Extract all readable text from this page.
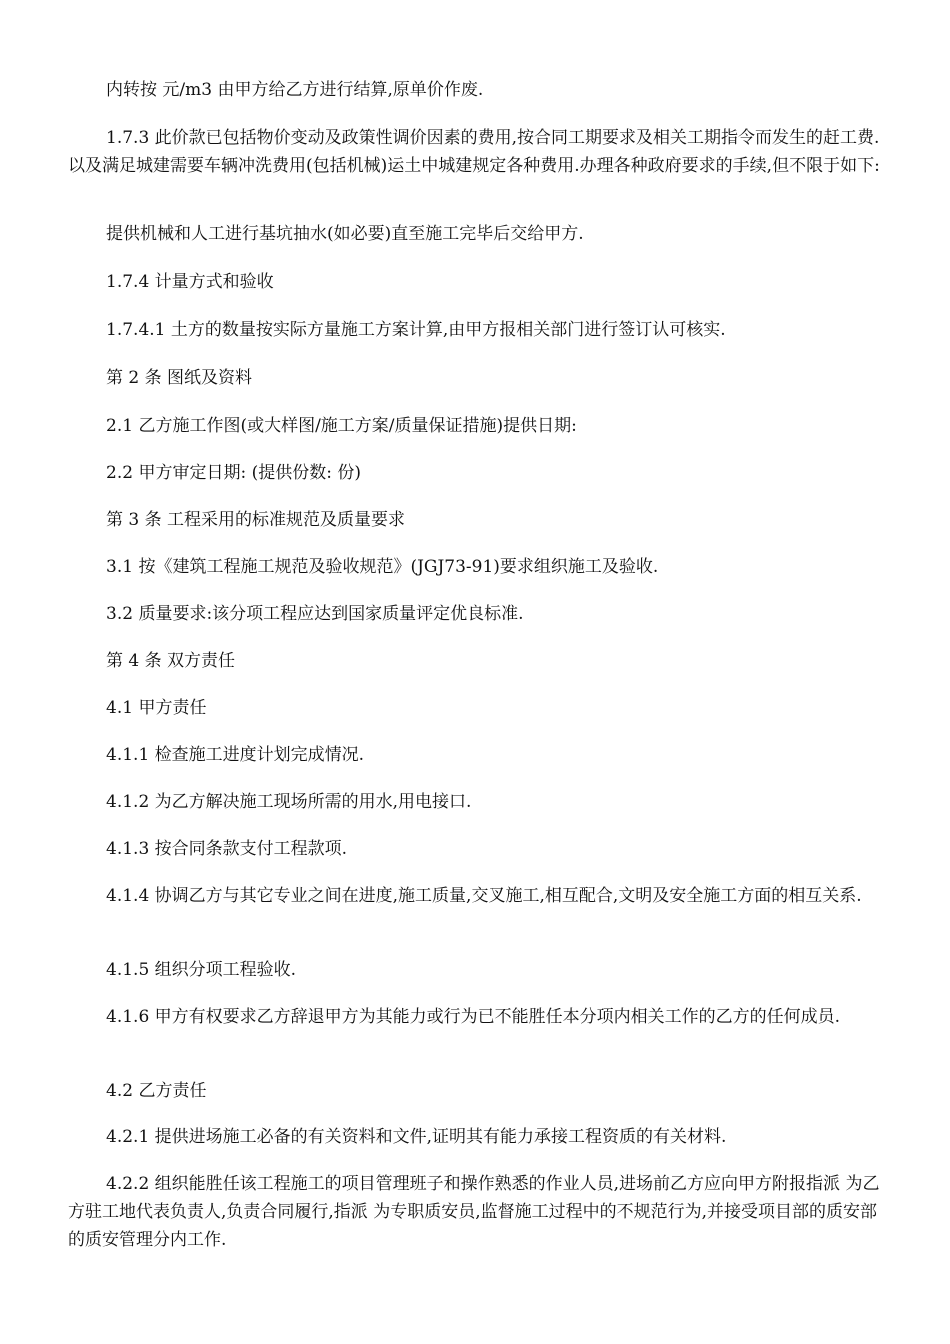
内转按 元/m3 由甲方给乙方进行结算,原单价作废.

1.7.3 此价款已包括物价变动及政策性调价因素的费用,按合同工期要求及相关工期指令而发生的赶工费.以及满足城建需要车辆冲洗费用(包括机械)运土中城建规定各种费用.办理各种政府要求的手续,但不限于如下:

提供机械和人工进行基坑抽水(如必要)直至施工完毕后交给甲方.

1.7.4 计量方式和验收

1.7.4.1 土方的数量按实际方量施工方案计算,由甲方报相关部门进行签订认可核实.

第 2 条 图纸及资料

2.1 乙方施工作图(或大样图/施工方案/质量保证措施)提供日期:

2.2 甲方审定日期: (提供份数: 份)

第 3 条 工程采用的标准规范及质量要求

3.1 按《建筑工程施工规范及验收规范》(JGJ73-91)要求组织施工及验收.

3.2 质量要求:该分项工程应达到国家质量评定优良标准.

第 4 条 双方责任

4.1 甲方责任

4.1.1 检查施工进度计划完成情况.

4.1.2 为乙方解决施工现场所需的用水,用电接口.

4.1.3 按合同条款支付工程款项.

4.1.4 协调乙方与其它专业之间在进度,施工质量,交叉施工,相互配合,文明及安全施工方面的相互关系.

4.1.5 组织分项工程验收.

4.1.6 甲方有权要求乙方辞退甲方为其能力或行为已不能胜任本分项内相关工作的乙方的任何成员.

4.2 乙方责任

4.2.1 提供进场施工必备的有关资料和文件,证明其有能力承接工程资质的有关材料.

4.2.2 组织能胜任该工程施工的项目管理班子和操作熟悉的作业人员,进场前乙方应向甲方附报指派 为乙方驻工地代表负责人,负责合同履行,指派 为专职质安员,监督施工过程中的不规范行为,并接受项目部的质安部的质安管理分内工作.
